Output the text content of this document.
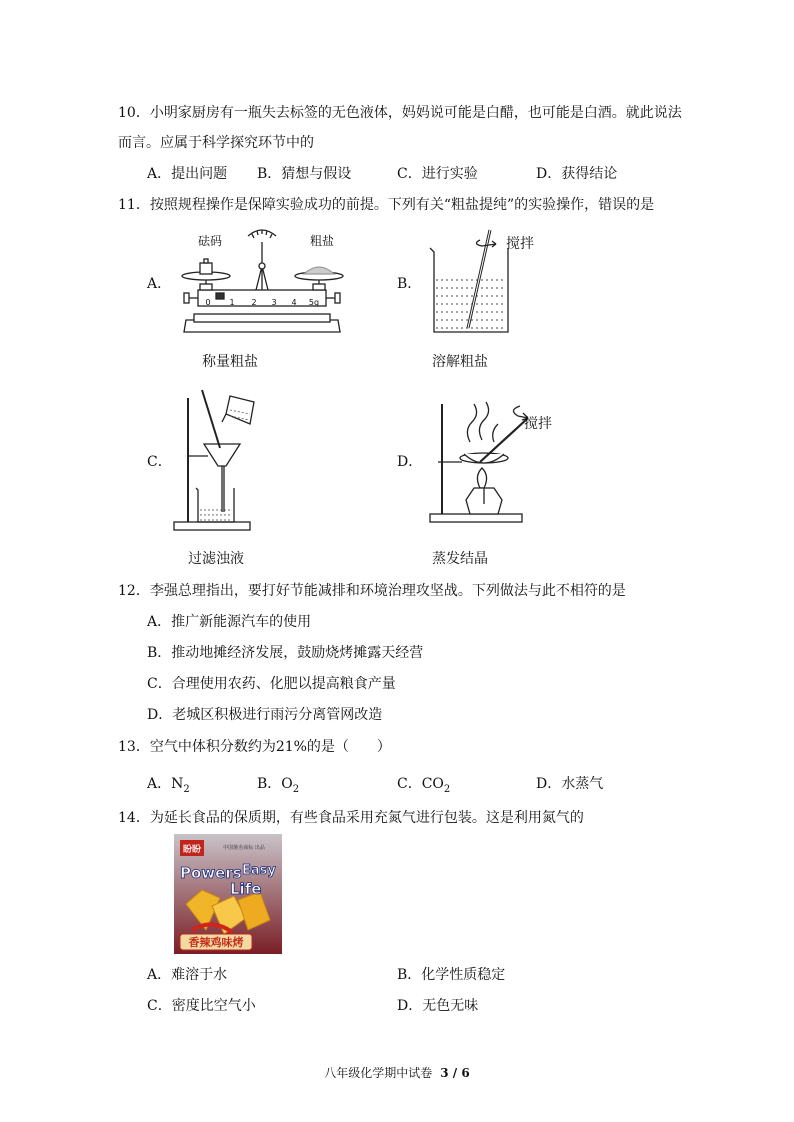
10．小明家厨房有一瓶失去标签的无色液体，妈妈说可能是白醋，也可能是白酒。就此说法
而言。应属于科学探究环节中的
A．提出问题 B．猜想与假设	C．进行实验	D．获得结论
11．按照规程操作是保障实验成功的前提。下列有关“粗盐提纯”的实验操作，错误的是
A．
砝码	粗盐
0 1 2 3 4 5g
称量粗盐
B．
搅拌
溶解粗盐
C．
过滤浊液
D．
搅拌
蒸发结晶
12．李强总理指出，要打好节能减排和环境治理攻坚战。下列做法与此不相符的是
A．推广新能源汽车的使用
B．推动地摊经济发展，鼓励烧烤摊露天经营
C．合理使用农药、化肥以提高粮食产量
D．老城区积极进行雨污分离管网改造
13．空气中体积分数约为21%的是（　　）
A．$N_2$	B．$O_2$	C．$CO_2$	D．水蒸气
14．为延长食品的保质期，有些食品采用充氮气进行包装。这是利用氮气的
盼盼	中国驰名商标 出品
Powers Easy
Life
香辣鸡味烤
A．难溶于水	B．化学性质稳定
C．密度比空气小	D．无色无味
八年级化学期中试卷 3 / 6
